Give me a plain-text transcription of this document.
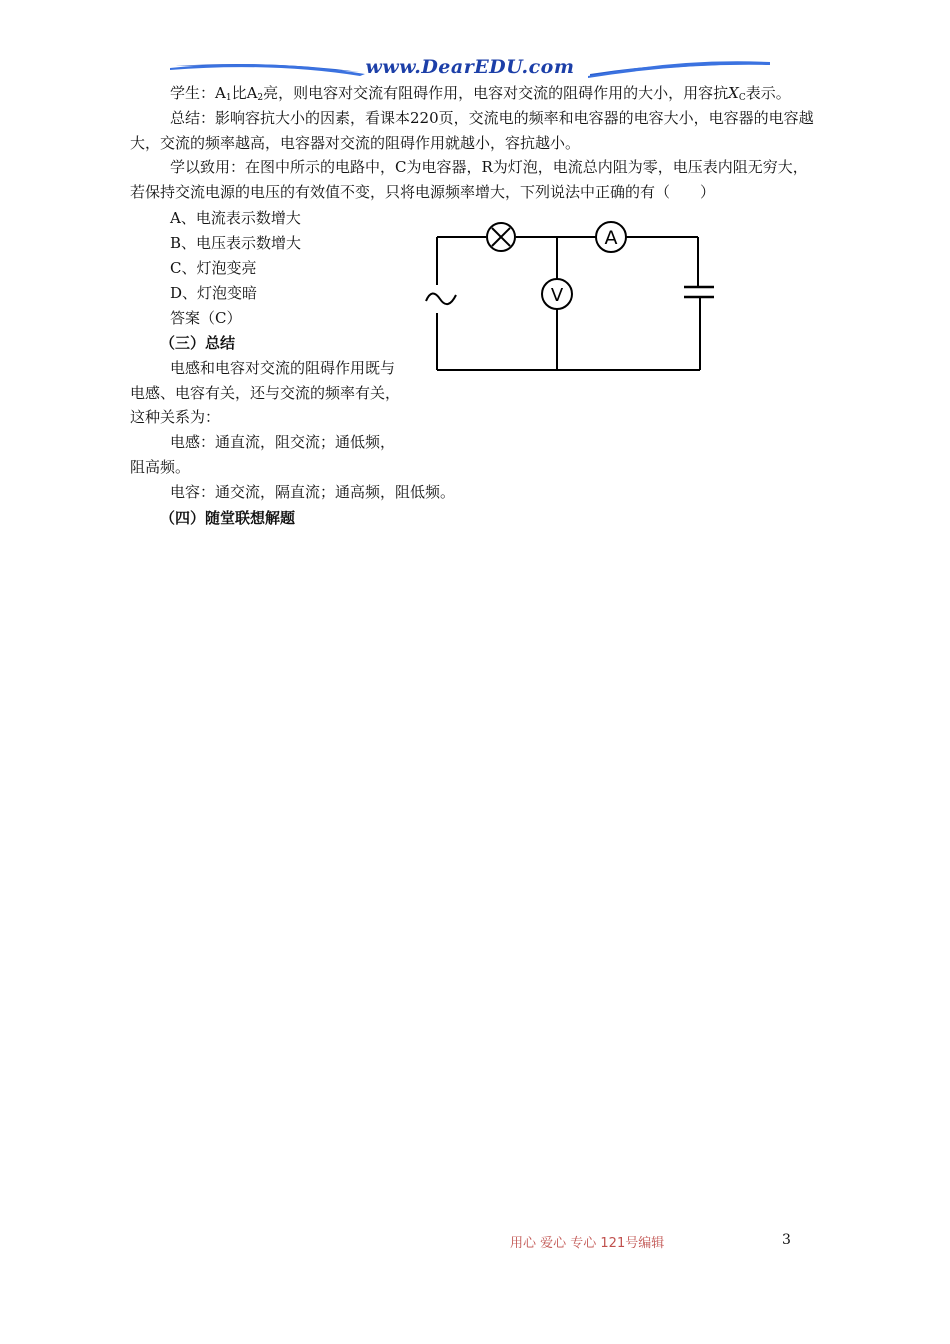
www.DearEDU.com

学生：$A_1$比$A_2$亮，则电容对交流有阻碍作用，电容对交流的阻碍作用的大小，用容抗$X_C$表示。

总结：影响容抗大小的因素，看课本220页，交流电的频率和电容器的电容大小，电容器的电容越大，交流的频率越高，电容器对交流的阻碍作用就越小，容抗越小。

学以致用：在图中所示的电路中，C为电容器，R为灯泡，电流总内阻为零，电压表内阻无穷大，若保持交流电源的电压的有效值不变，只将电源频率增大，下列说法中正确的有（　　）

A、电流表示数增大
B、电压表示数增大
C、灯泡变亮
D、灯泡变暗
答案（C）
（三）总结

电感和电容对交流的阻碍作用既与电感、电容有关，还与交流的频率有关，这种关系为：

电感：通直流，阻交流；通低频，阻高频。

电容：通交流，隔直流；通高频，阻低频。
（四）随堂联想解题
A
V
用心 爱心 专心 121号编辑	3
